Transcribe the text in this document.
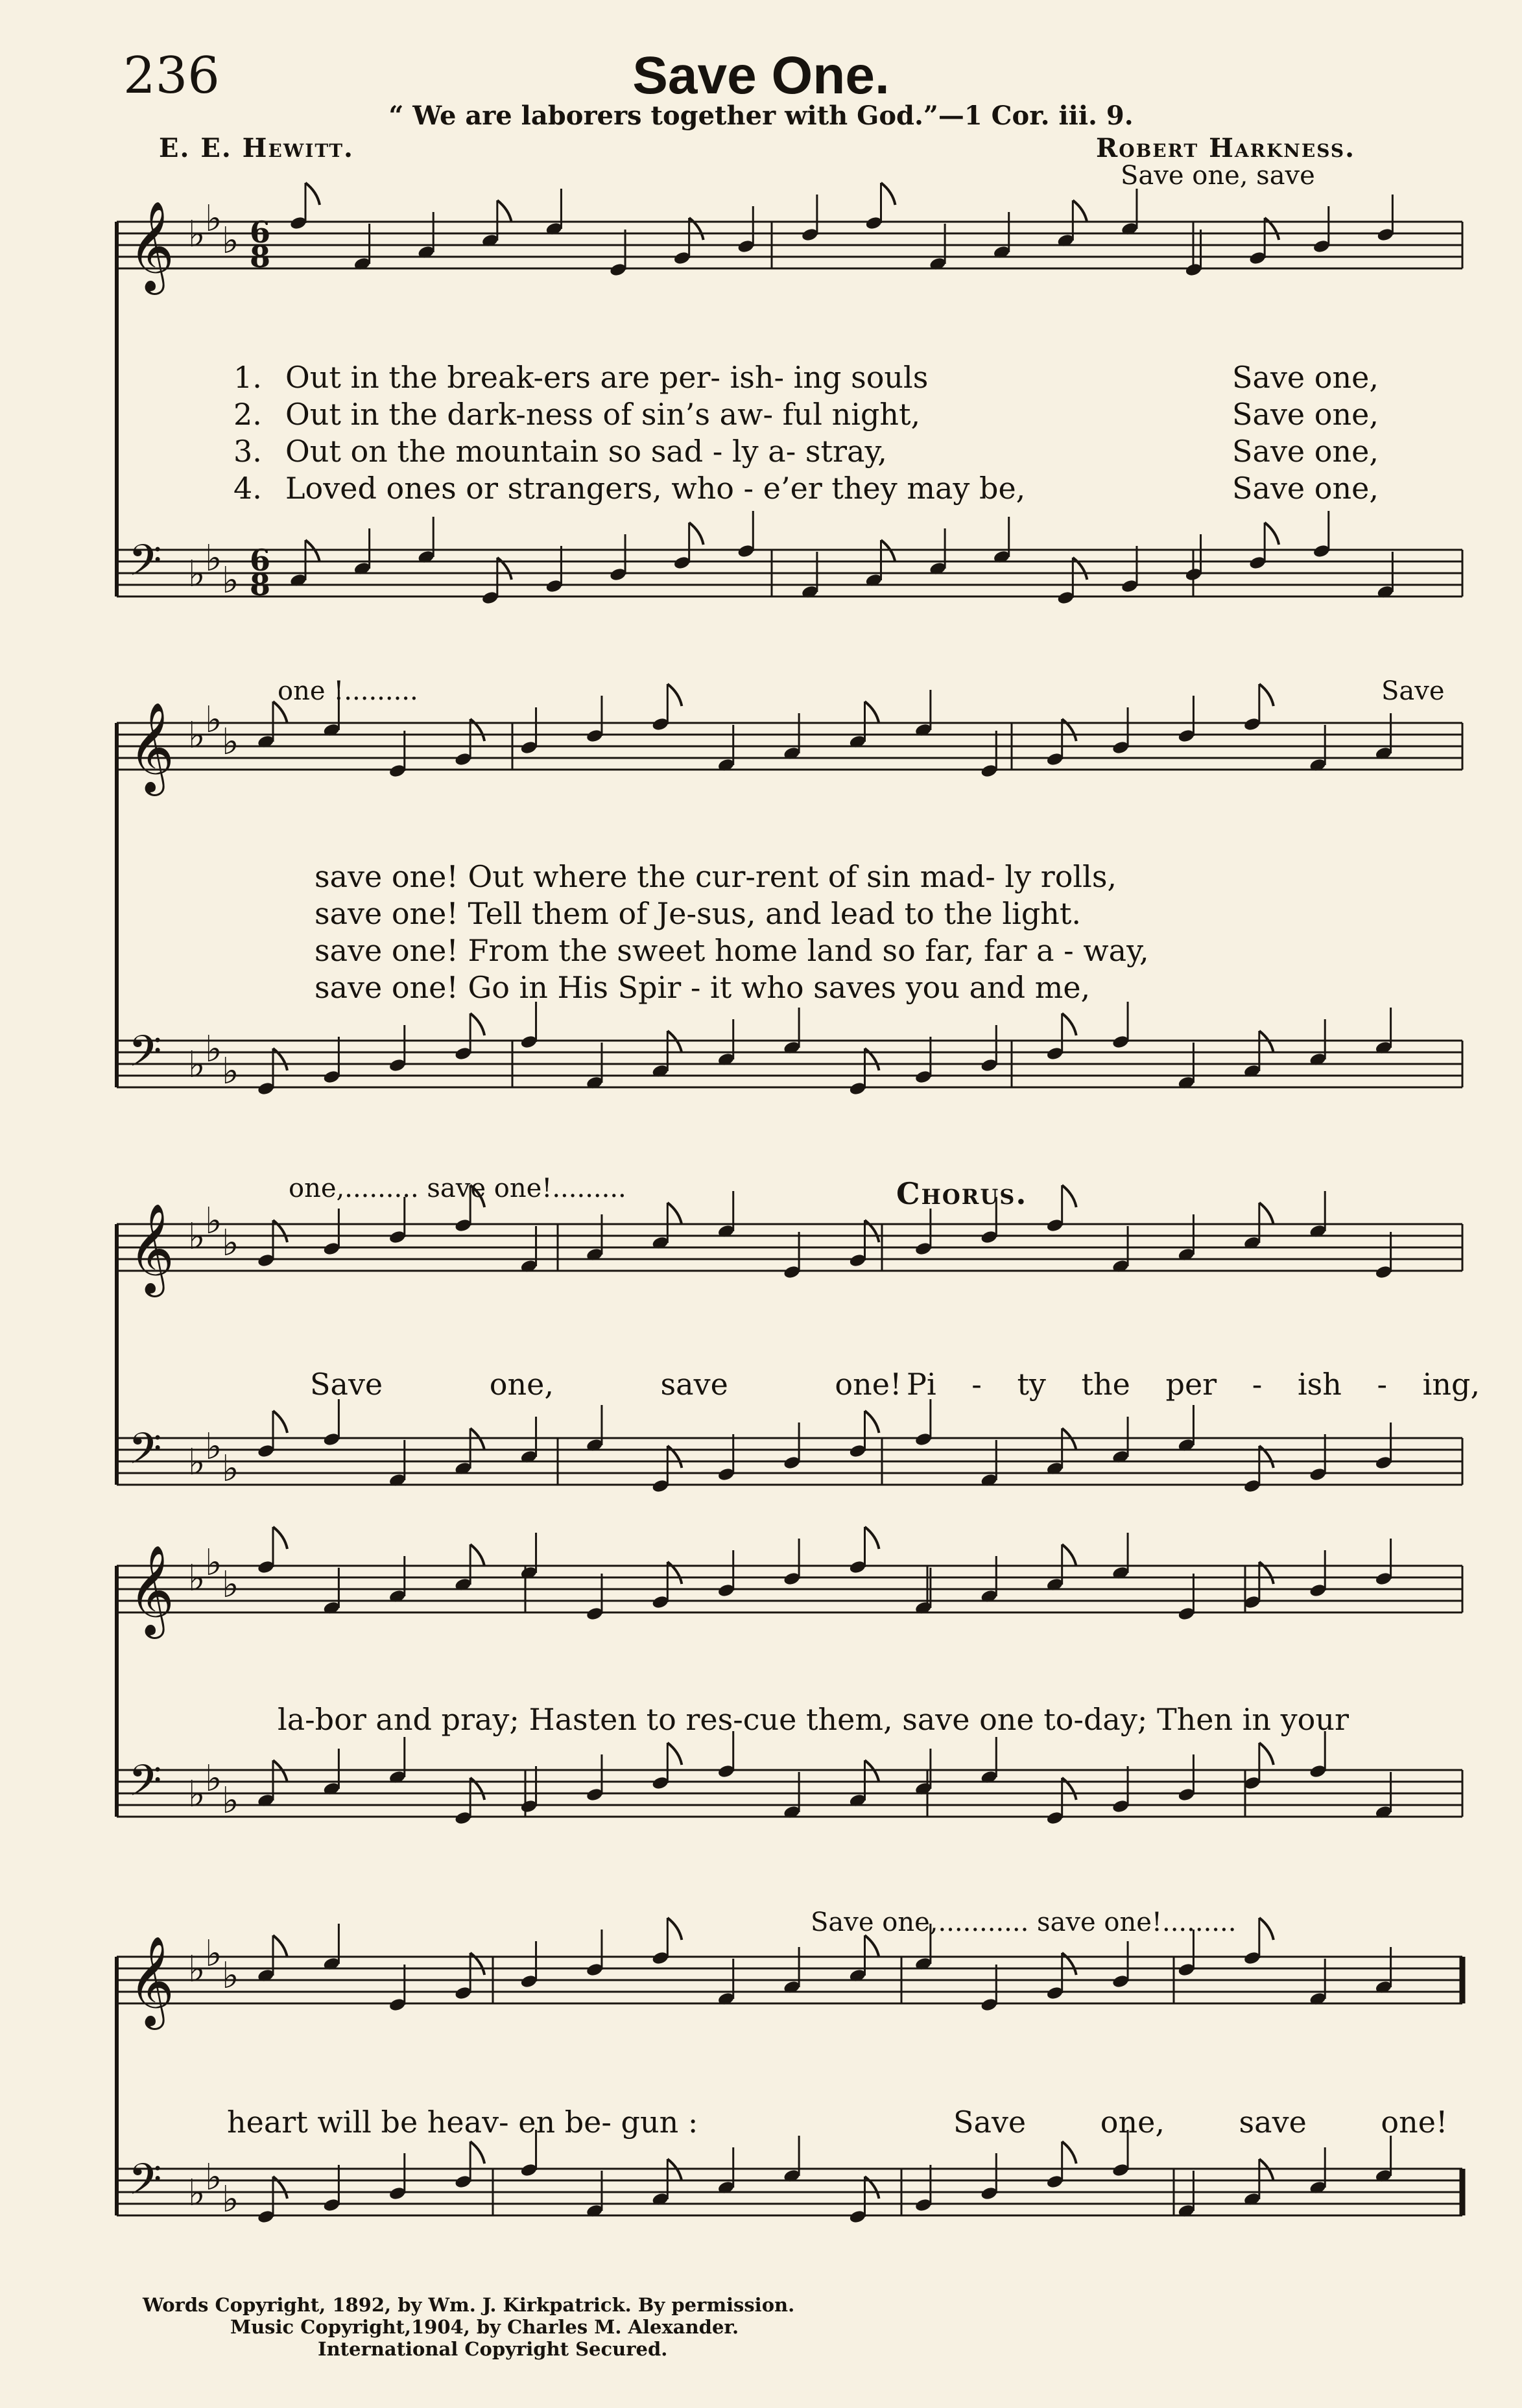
236	Save One.
“ We are laborers together with God.”—1 Cor. iii. 9.
E. E. Hewitt.	Robert Harkness.
𝄞 ♭ ♭
♭
𝄢 ♭ ♭
♭
6
6
8
8
𝄞 ♭ ♭
♭
𝄢 ♭ ♭
♭
𝄞 ♭ ♭
♭
𝄢 ♭ ♭
♭
𝄞 ♭ ♭
♭
𝄢 ♭ ♭
♭
𝄞 ♭ ♭
♭
𝄢 ♭ ♭
♭
Save one, save
1. Out in the break-ers are per- ish- ing souls	Save one,
2. Out in the dark-ness of sin’s aw- ful night,	Save one,
3. Out on the mountain so sad - ly a- stray,	Save one,
4. Loved ones or strangers, who - e’er they may be,	Save one,
one !.........	Save
save one! Out where the cur-rent of sin mad- ly rolls,
save one! Tell them of Je-sus, and lead to the light.
save one! From the sweet home land so far, far a - way,
save one! Go in His Spir - it who saves you and me,
one,......... save one!.........	Chorus.
Save one, save one! Pi - ty the per - ish - ing,
la-bor and pray; Hasten to res-cue them, save one to-day; Then in your
Save one,........... save one!.........
heart will be heav- en be- gun :	Save one, save one!
Words Copyright, 1892, by Wm. J. Kirkpatrick. By permission.
Music Copyright,1904, by Charles M. Alexander.
International Copyright Secured.
